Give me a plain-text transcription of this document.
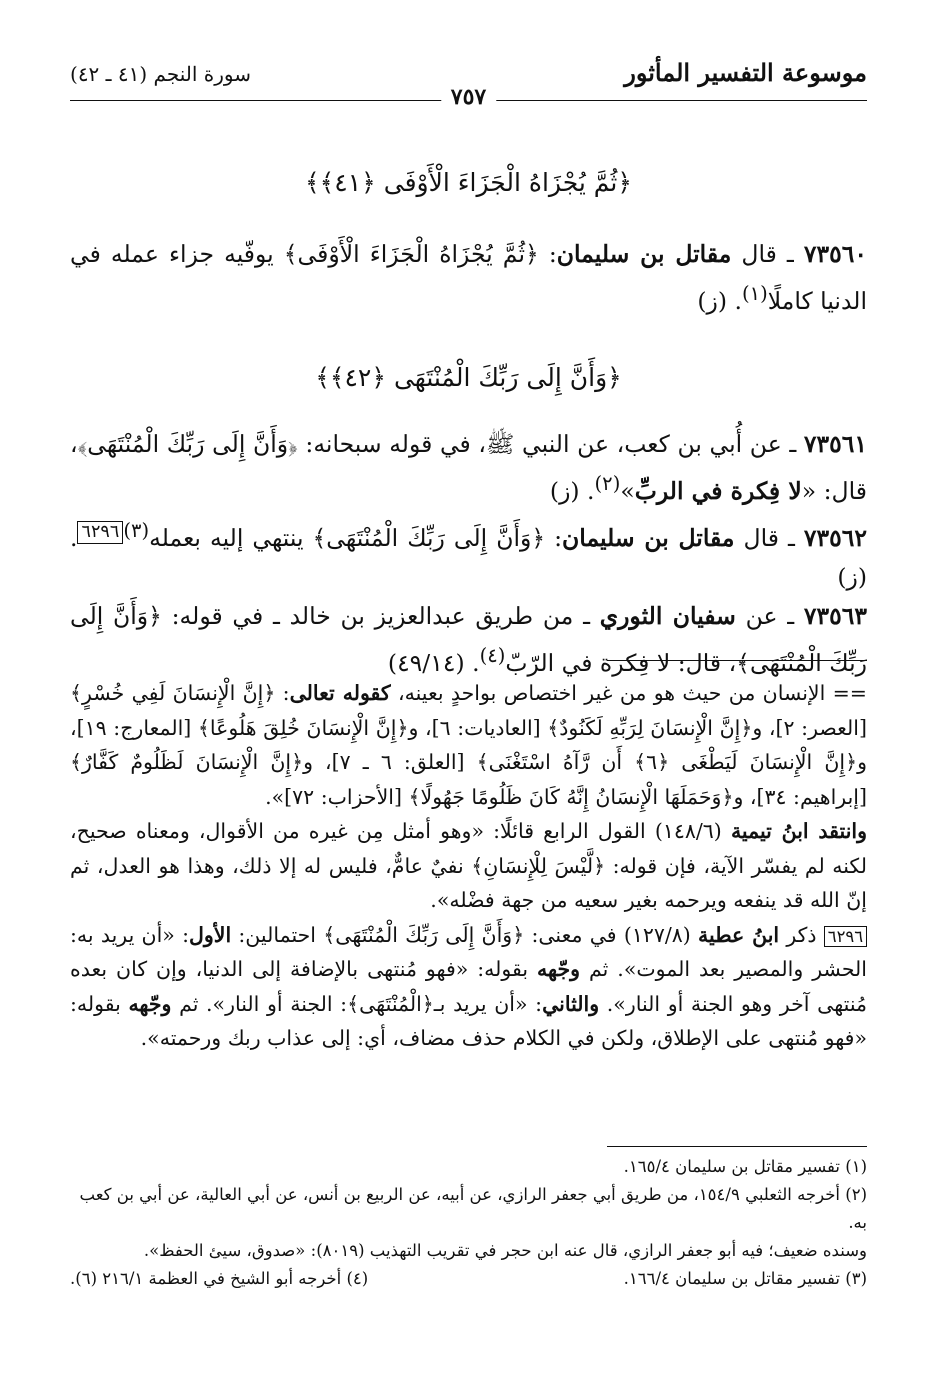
موسوعة التفسير المأثور
سورة النجم (٤١ ـ ٤٢)
٧٥٧
﴿ثُمَّ يُجْزَاهُ الْجَزَاءَ الْأَوْفَى ﴿٤١﴾﴾

٧٣٥٦٠ ـ قال مقاتل بن سليمان: ﴿ثُمَّ يُجْزَاهُ الْجَزَاءَ الْأَوْفَى﴾ يوفّيه جزاء عمله في الدنيا كاملًا$^{(١)}$. (ز)

﴿وَأَنَّ إِلَى رَبِّكَ الْمُنْتَهَى ﴿٤٢﴾﴾

٧٣٥٦١ ـ عن أُبي بن كعب، عن النبي ﷺ، في قوله سبحانه: ﴿وَأَنَّ إِلَى رَبِّكَ الْمُنْتَهَى﴾، قال: «لا فِكرة في الربِّ»$^{(٢)}$. (ز)

٧٣٥٦٢ ـ قال مقاتل بن سليمان: ﴿وَأَنَّ إِلَى رَبِّكَ الْمُنْتَهَى﴾ ينتهي إليه بعمله$^{(٣)}$٦٢٩٦. (ز)

٧٣٥٦٣ ـ عن سفيان الثوري ـ من طريق عبدالعزيز بن خالد ـ في قوله: ﴿وَأَنَّ إِلَى رَبِّكَ الْمُنْتَهَى﴾، قال: لا فِكرة في الرّبّ$^{(٤)}$. (٤٩/١٤)

== الإنسان من حيث هو من غير اختصاص بواحدٍ بعينه، كقوله تعالى: ﴿إِنَّ الْإِنسَانَ لَفِي خُسْرٍ﴾ [العصر: ٢]، و﴿إِنَّ الْإِنسَانَ لِرَبِّهِ لَكَنُودٌ﴾ [العاديات: ٦]، و﴿إِنَّ الْإِنسَانَ خُلِقَ هَلُوعًا﴾ [المعارج: ١٩]، و﴿إِنَّ الْإِنسَانَ لَيَطْغَى ﴿٦﴾ أَن رَّآهُ اسْتَغْنَى﴾ [العلق: ٦ ـ ٧]، و﴿إِنَّ الْإِنسَانَ لَظَلُومٌ كَفَّارٌ﴾ [إبراهيم: ٣٤]، و﴿وَحَمَلَهَا الْإِنسَانُ إِنَّهُ كَانَ ظَلُومًا جَهُولًا﴾ [الأحزاب: ٧٢]».

وانتقد ابنُ تيمية (١٤٨/٦) القول الرابع قائلًا: «وهو أمثل مِن غيره من الأقوال، ومعناه صحيح، لكنه لم يفسّر الآية، فإن قوله: ﴿لَّيْسَ لِلْإِنسَانِ﴾ نفيٌ عامٌّ، فليس له إلا ذلك، وهذا هو العدل، ثم إنّ الله قد ينفعه ويرحمه بغير سعيه من جهة فضْله».

٦٢٩٦ ذكر ابنُ عطية (١٢٧/٨) في معنى: ﴿وَأَنَّ إِلَى رَبِّكَ الْمُنْتَهَى﴾ احتمالين: الأول: «أن يريد به: الحشر والمصير بعد الموت». ثم وجّهه بقوله: «فهو مُنتهى بالإضافة إلى الدنيا، وإن كان بعده مُنتهى آخر وهو الجنة أو النار». والثاني: «أن يريد بـ﴿الْمُنْتَهَى﴾: الجنة أو النار». ثم وجّهه بقوله: «فهو مُنتهى على الإطلاق، ولكن في الكلام حذف مضاف، أي: إلى عذاب ربك ورحمته».

(١) تفسير مقاتل بن سليمان ١٦٥/٤.

(٢) أخرجه الثعلبي ١٥٤/٩، من طريق أبي جعفر الرازي، عن أبيه، عن الربيع بن أنس، عن أبي العالية، عن أبي بن كعب به.

وسنده ضعيف؛ فيه أبو جعفر الرازي، قال عنه ابن حجر في تقريب التهذيب (٨٠١٩): «صدوق، سيئ الحفظ».

(٣) تفسير مقاتل بن سليمان ١٦٦/٤.
(٤) أخرجه أبو الشيخ في العظمة ٢١٦/١ (٦).
